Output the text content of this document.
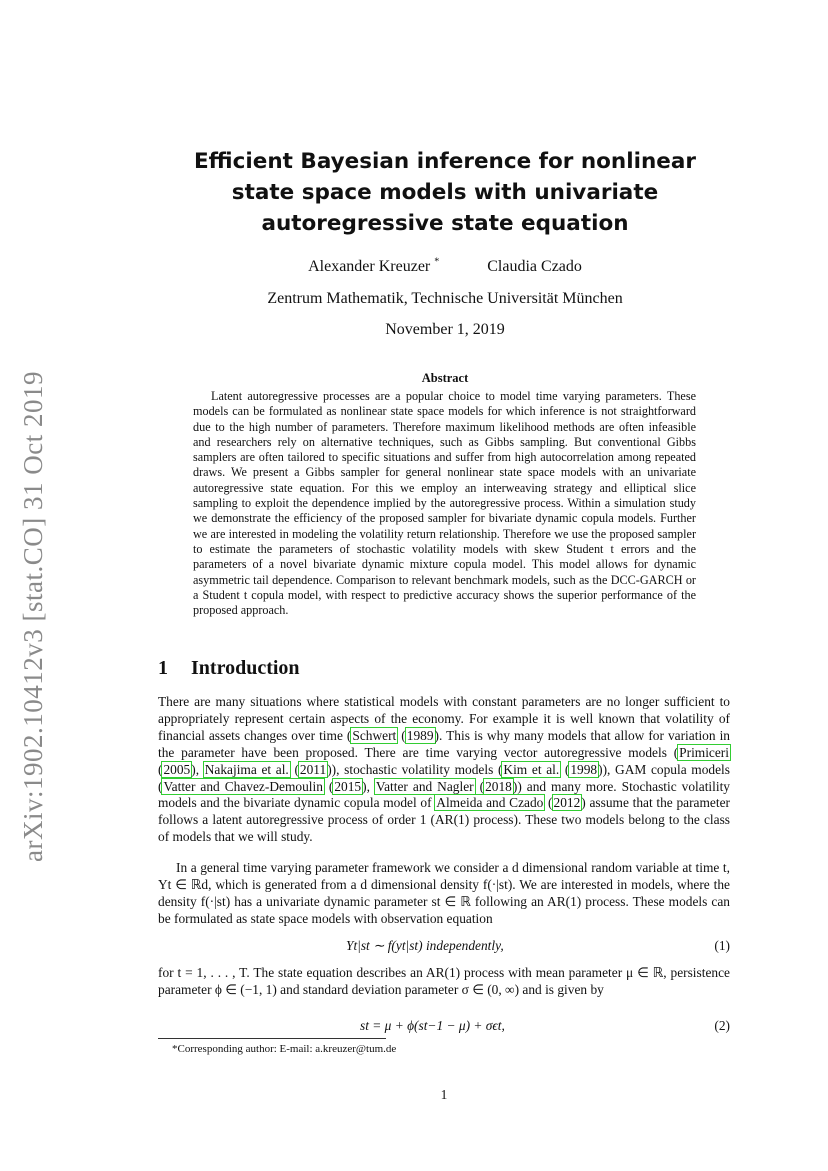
arXiv:1902.10412v3 [stat.CO] 31 Oct 2019
Efficient Bayesian inference for nonlinear state space models with univariate autoregressive state equation
Alexander Kreuzer *	Claudia Czado
Zentrum Mathematik, Technische Universität München
November 1, 2019
Abstract
Latent autoregressive processes are a popular choice to model time varying parameters. These models can be formulated as nonlinear state space models for which inference is not straightforward due to the high number of parameters. Therefore maximum likelihood methods are often infeasible and researchers rely on alternative techniques, such as Gibbs sampling. But conventional Gibbs samplers are often tailored to specific situations and suffer from high autocorrelation among repeated draws. We present a Gibbs sampler for general nonlinear state space models with an univariate autoregressive state equation. For this we employ an interweaving strategy and elliptical slice sampling to exploit the dependence implied by the autoregressive process. Within a simulation study we demonstrate the efficiency of the proposed sampler for bivariate dynamic copula models. Further we are interested in modeling the volatility return relationship. Therefore we use the proposed sampler to estimate the parameters of stochastic volatility models with skew Student t errors and the parameters of a novel bivariate dynamic mixture copula model. This model allows for dynamic asymmetric tail dependence. Comparison to relevant benchmark models, such as the DCC-GARCH or a Student t copula model, with respect to predictive accuracy shows the superior performance of the proposed approach.
1 Introduction

There are many situations where statistical models with constant parameters are no longer sufficient to appropriately represent certain aspects of the economy. For example it is well known that volatility of financial assets changes over time (Schwert (1989). This is why many models that allow for variation in the parameter have been proposed. There are time varying vector autoregressive models (Primiceri (2005), Nakajima et al. (2011)), stochastic volatility models (Kim et al. (1998)), GAM copula models (Vatter and Chavez-Demoulin (2015), Vatter and Nagler (2018)) and many more. Stochastic volatility models and the bivariate dynamic copula model of Almeida and Czado (2012) assume that the parameter follows a latent autoregressive process of order 1 (AR(1) process). These two models belong to the class of models that we will study.

In a general time varying parameter framework we consider a d dimensional random variable at time t, Yt ∈ ℝd, which is generated from a d dimensional density f(·|st). We are interested in models, where the density f(·|st) has a univariate dynamic parameter st ∈ ℝ following an AR(1) process. These models can be formulated as state space models with observation equation

Yt|st ∼ f(yt|st) independently,	(1)

for t = 1, . . . , T. The state equation describes an AR(1) process with mean parameter μ ∈ ℝ, persistence parameter ϕ ∈ (−1, 1) and standard deviation parameter σ ∈ (0, ∞) and is given by

st = μ + ϕ(st−1 − μ) + σϵt,	(2)
*Corresponding author: E-mail: a.kreuzer@tum.de
1
